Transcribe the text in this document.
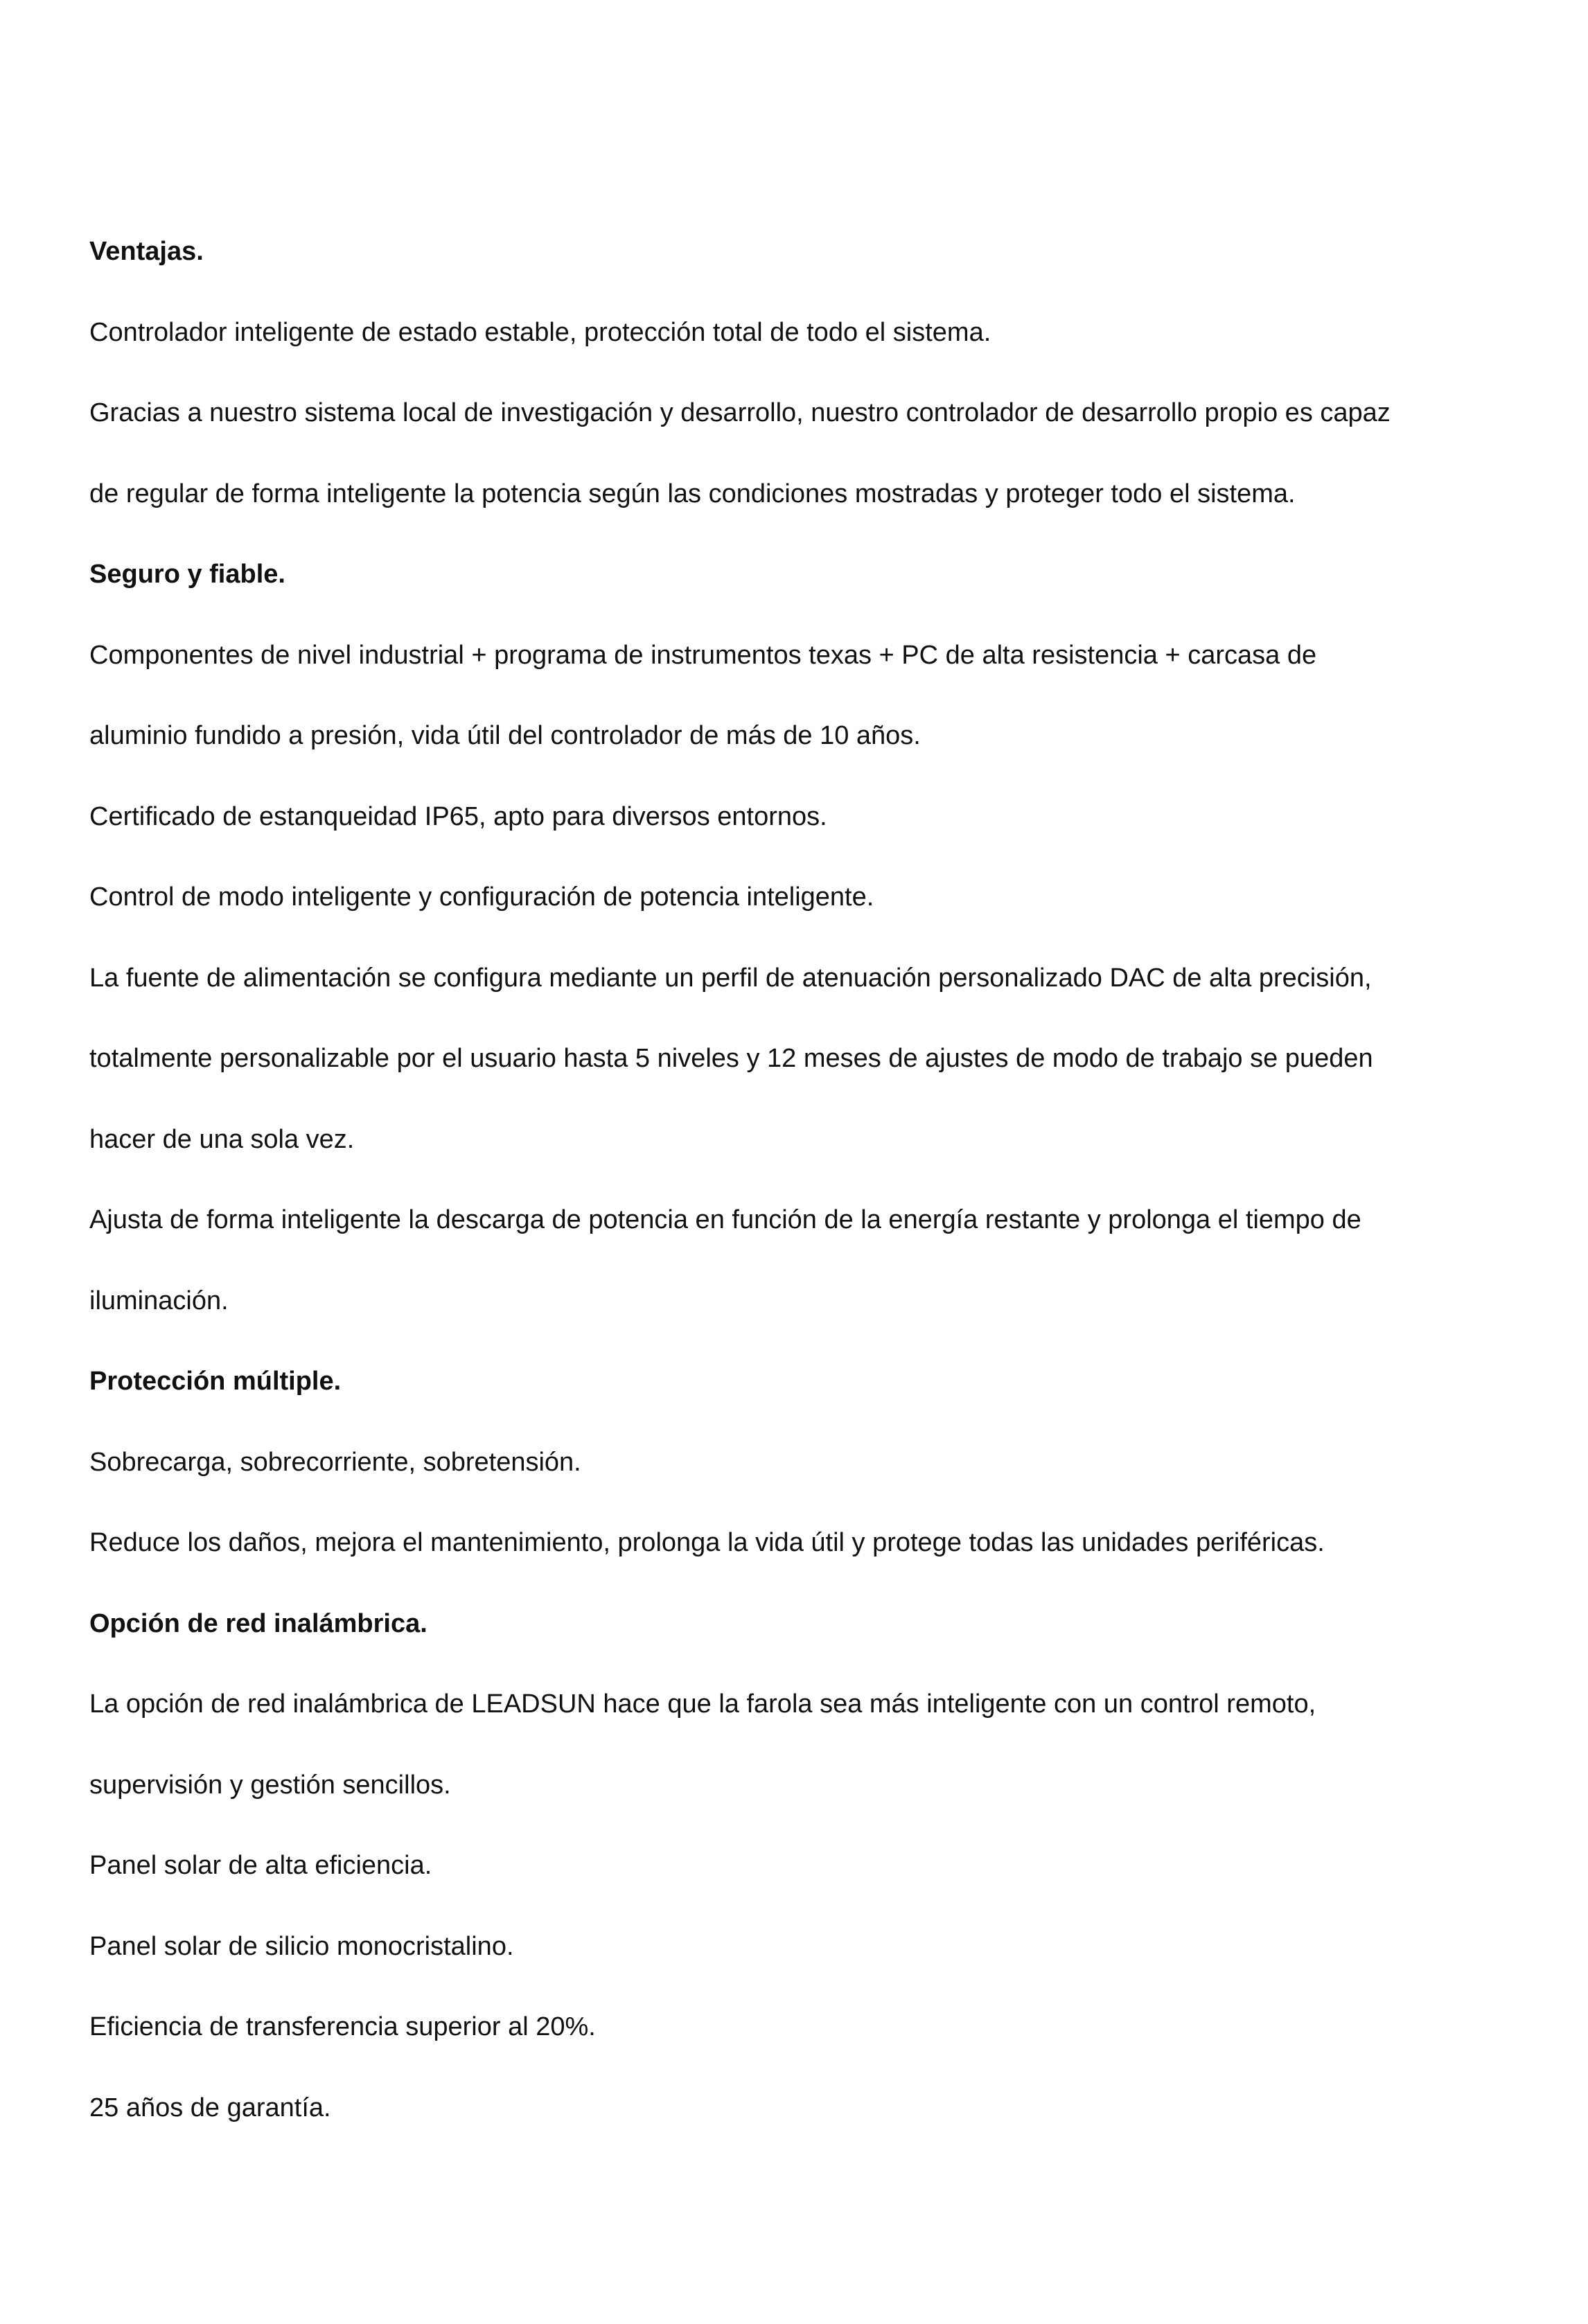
Ventajas.
Controlador inteligente de estado estable, protección total de todo el sistema.
Gracias a nuestro sistema local de investigación y desarrollo, nuestro controlador de desarrollo propio es capaz
de regular de forma inteligente la potencia según las condiciones mostradas y proteger todo el sistema.
Seguro y fiable.
Componentes de nivel industrial + programa de instrumentos texas + PC de alta resistencia + carcasa de
aluminio fundido a presión, vida útil del controlador de más de 10 años.
Certificado de estanqueidad IP65, apto para diversos entornos.
Control de modo inteligente y configuración de potencia inteligente.
La fuente de alimentación se configura mediante un perfil de atenuación personalizado DAC de alta precisión,
totalmente personalizable por el usuario hasta 5 niveles y 12 meses de ajustes de modo de trabajo se pueden
hacer de una sola vez.
Ajusta de forma inteligente la descarga de potencia en función de la energía restante y prolonga el tiempo de
iluminación.
Protección múltiple.
Sobrecarga, sobrecorriente, sobretensión.
Reduce los daños, mejora el mantenimiento, prolonga la vida útil y protege todas las unidades periféricas.
Opción de red inalámbrica.
La opción de red inalámbrica de LEADSUN hace que la farola sea más inteligente con un control remoto,
supervisión y gestión sencillos.
Panel solar de alta eficiencia.
Panel solar de silicio monocristalino.
Eficiencia de transferencia superior al 20%.
25 años de garantía.
